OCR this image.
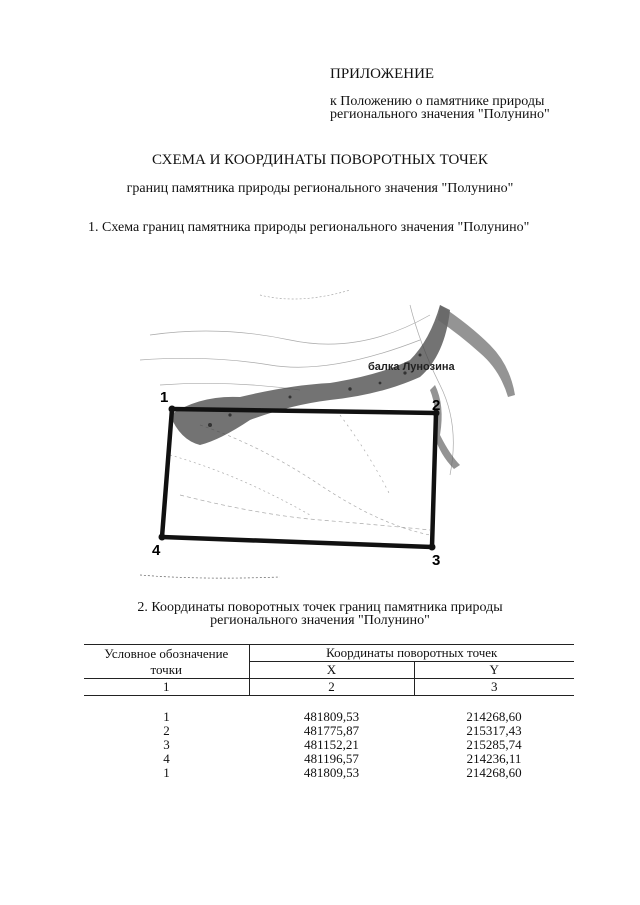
ПРИЛОЖЕНИЕ
к Положению о памятнике природы
регионального значения "Полунино"
СХЕМА И КООРДИНАТЫ ПОВОРОТНЫХ ТОЧЕК
границ памятника природы регионального значения "Полунино"
1. Схема границ памятника природы регионального значения "Полунино"
балка Лунозина
1	2
3
4
2. Координаты поворотных точек границ памятника природы
регионального значения "Полунино"
Условное обозначение
точки	Координаты поворотных точек	
	X	Y
1	2	3

1	481809,53	214268,60
2	481775,87	215317,43
3	481152,21	215285,74
4	481196,57	214236,11
1	481809,53	214268,60
